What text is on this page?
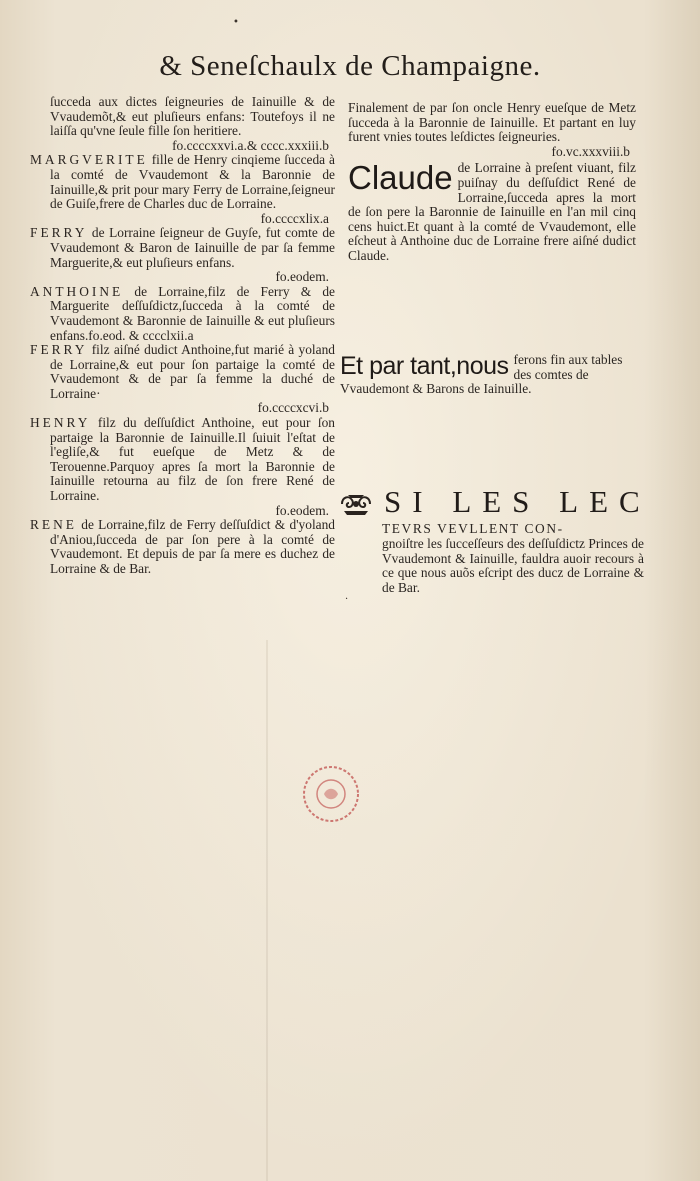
& Seneſchaulx de Champaigne.

ſucceda aux dictes ſeigneuries de Iainuille & de Vvaudemõt,& eut pluſieurs enfans: Toutefoys il ne laiſſa qu'vne ſeule fille ſon heritiere.
fo.ccccxxvi.a.& cccc.xxxiii.b

MARGVERITE fille de Henry cinqieme ſucceda à la comté de Vvaudemont & la Baronnie de Iainuille,& prit pour mary Ferry de Lorraine,ſeigneur de Guiſe,frere de Charles duc de Lorraine.
fo.ccccxlix.a

FERRY de Lorraine ſeigneur de Guyſe, fut comte de Vvaudemont & Baron de Iainuille de par ſa femme Marguerite,& eut pluſieurs enfans.
fo.eodem.

ANTHOINE de Lorraine,filz de Ferry & de Marguerite deſſuſdictz,ſucceda à la comté de Vvaudemont & Baronnie de Iainuille & eut pluſieurs enfans.fo.eod. & cccclxii.a

FERRY filz aiſné dudict Anthoine,fut marié à yoland de Lorraine,& eut pour ſon partaige la comté de Vvaudemont & de par ſa femme la duché de Lorraine·
fo.ccccxcvi.b

HENRY filz du deſſuſdict Anthoine, eut pour ſon partaige la Baronnie de Iainuille.Il ſuiuit l'eſtat de l'egliſe,& fut eueſque de Metz & de Terouenne.Parquoy apres ſa mort la Baronnie de Iainuille retourna au filz de ſon frere René de Lorraine.
fo.eodem.

RENE de Lorraine,filz de Ferry deſſuſdict & d'yoland d'Aniou,ſucceda de par ſon pere à la comté de Vvaudemont. Et depuis de par ſa mere es duchez de Lorraine & de Bar.

Finalement de par ſon oncle Henry eueſque de Metz ſucceda à la Baronnie de Iainuille. Et partant en luy furent vnies toutes leſdictes ſeigneuries.
fo.vc.xxxviii.b

Claude de Lorraine à preſent viuant, filz puiſnay du deſſuſdict René de Lorraine,ſucceda apres la mort de ſon pere la Baronnie de Iainuille en l'an mil cinq cens huict.Et quant à la comté de Vvaudemont, elle eſcheut à Anthoine duc de Lorraine frere aiſné dudict Claude.

Et par tant,nous ferons fin aux tables des comtes de Vvaudemont & Barons de Iainuille.
SI LES LEC
TEVRS VEVLLENT CON-
gnoiſtre les ſucceſſeurs des deſſuſdictz Princes de Vvaudemont & Iainuille, fauldra auoir recours à ce que nous auõs eſcript des ducz de Lorraine & de Bar.
•
·
